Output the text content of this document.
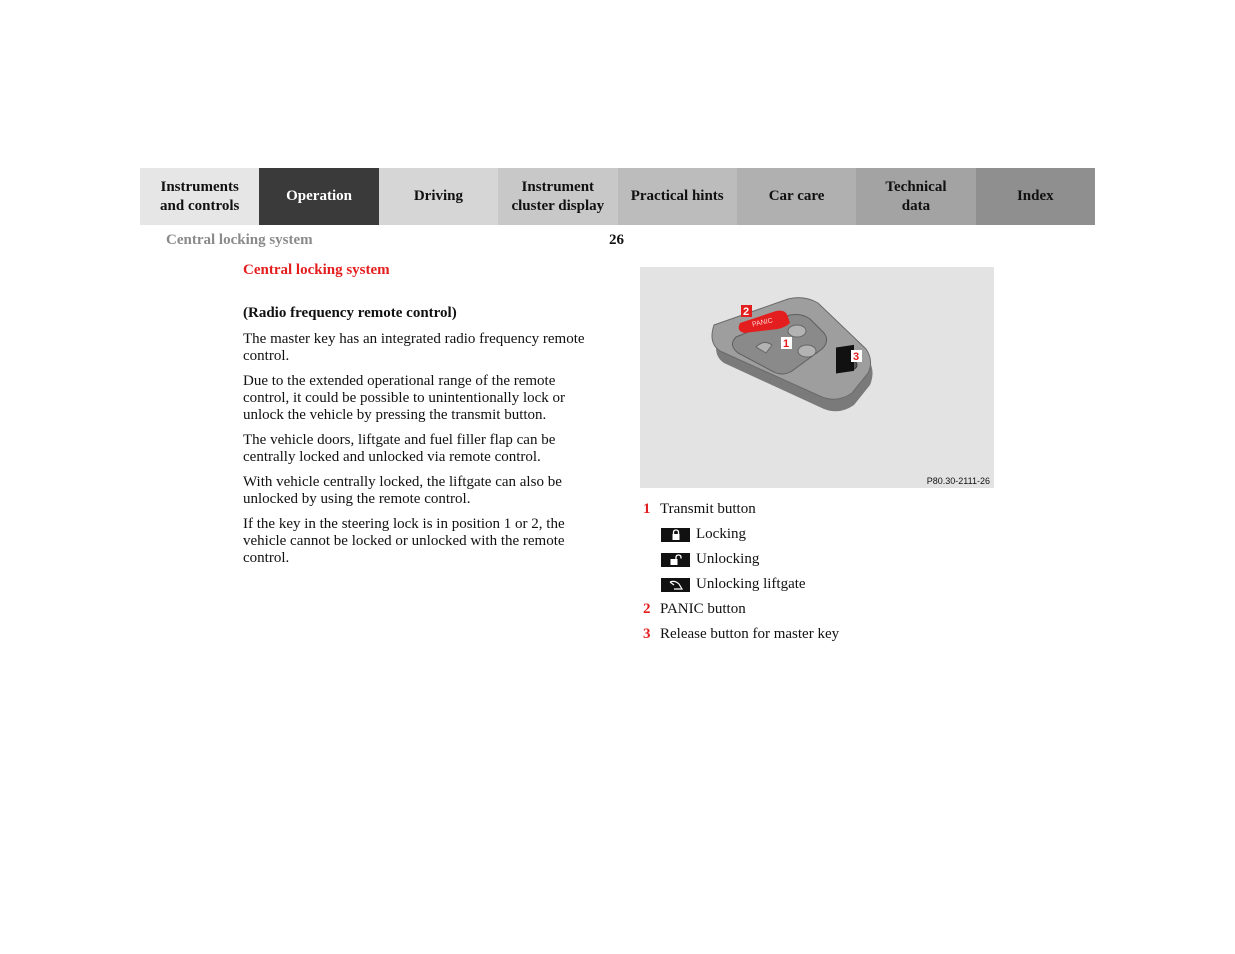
Instruments
and controls
Operation	Driving
Instrument
cluster display
Practical hints	Car care
Technical
data
Index
Central locking system	26
Central locking system
(Radio frequency remote control)

The master key has an integrated radio frequency remote control.

Due to the extended operational range of the remote control, it could be possible to unintentionally lock or unlock the vehicle by pressing the transmit button.

The vehicle doors, liftgate and fuel filler flap can be centrally locked and unlocked via remote control.

With vehicle centrally locked, the liftgate can also be unlocked by using the remote control.

If the key in the steering lock is in position 1 or 2, the vehicle cannot be locked or unlocked with the remote control.

PANIC
2
1
3
P80.30-2111-26
1 Transmit button
Locking
Unlocking
Unlocking liftgate
2 PANIC button
3 Release button for master key
